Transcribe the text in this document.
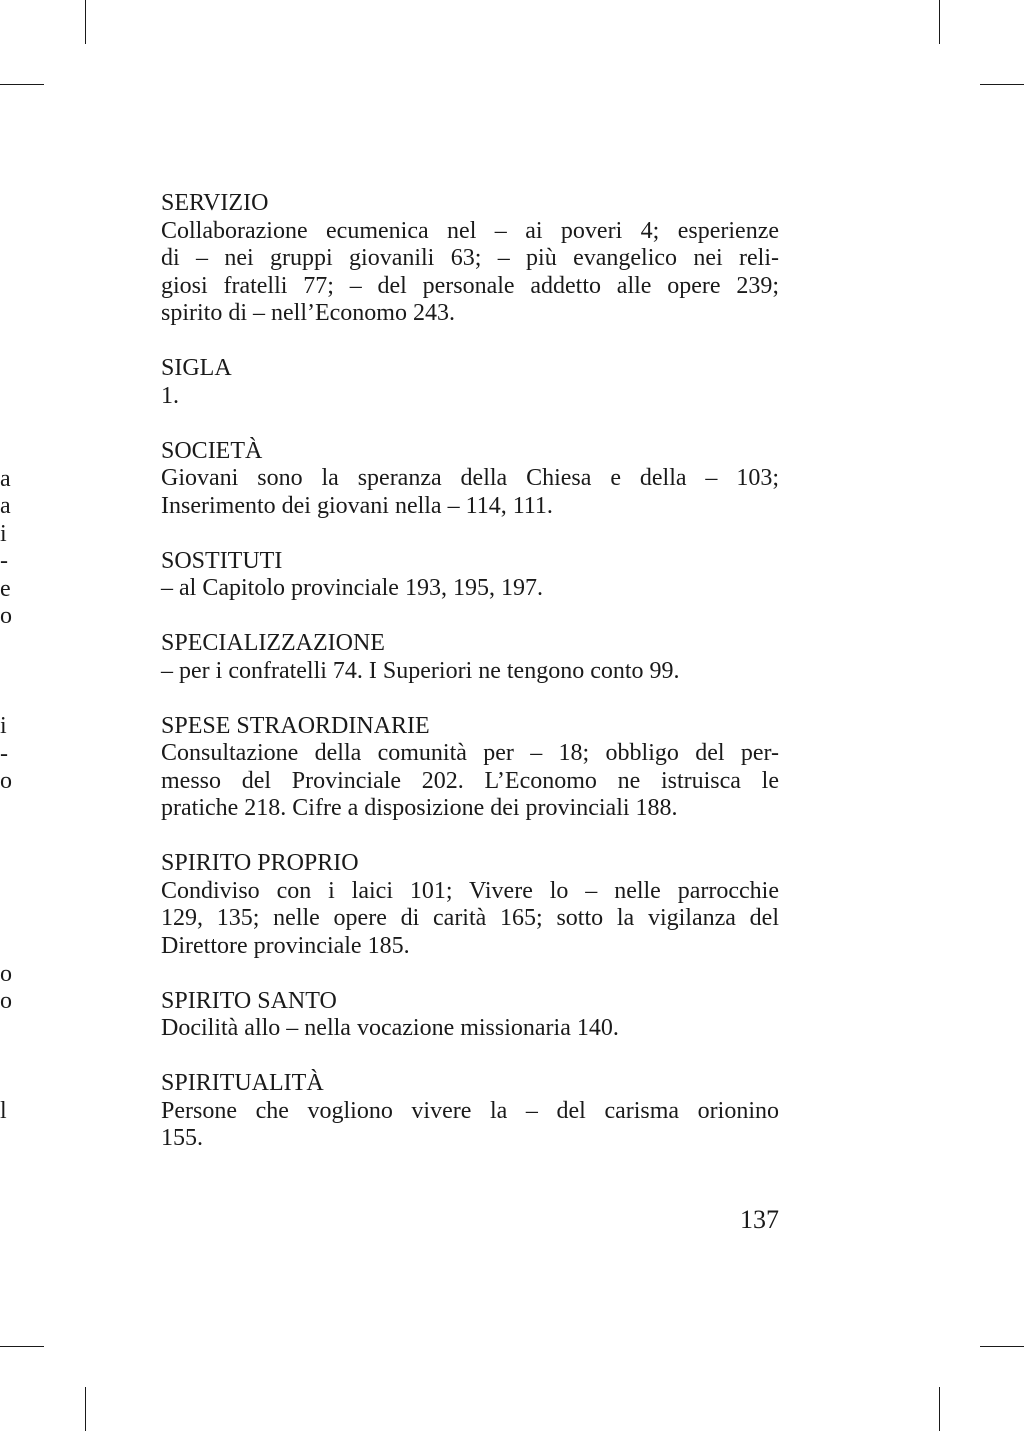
a
a
i
-
e
o
i
-
o
o
o
l
SERVIZIO
Collaborazione ecumenica nel – ai poveri 4; esperienze
di – nei gruppi giovanili 63; – più evangelico nei reli-
giosi fratelli 77; – del personale addetto alle opere 239;
spirito di – nell’Economo 243.
SIGLA
1.
SOCIETÀ
Giovani sono la speranza della Chiesa e della – 103;
Inserimento dei giovani nella – 114, 111.
SOSTITUTI
– al Capitolo provinciale 193, 195, 197.
SPECIALIZZAZIONE
– per i confratelli 74. I Superiori ne tengono conto 99.
SPESE STRAORDINARIE
Consultazione della comunità per – 18; obbligo del per-
messo del Provinciale 202. L’Economo ne istruisca le
pratiche 218. Cifre a disposizione dei provinciali 188.
SPIRITO PROPRIO
Condiviso con i laici 101; Vivere lo – nelle parrocchie
129, 135; nelle opere di carità 165; sotto la vigilanza del
Direttore provinciale 185.
SPIRITO SANTO
Docilità allo – nella vocazione missionaria 140.
SPIRITUALITÀ
Persone che vogliono vivere la – del carisma orionino
155.
137
